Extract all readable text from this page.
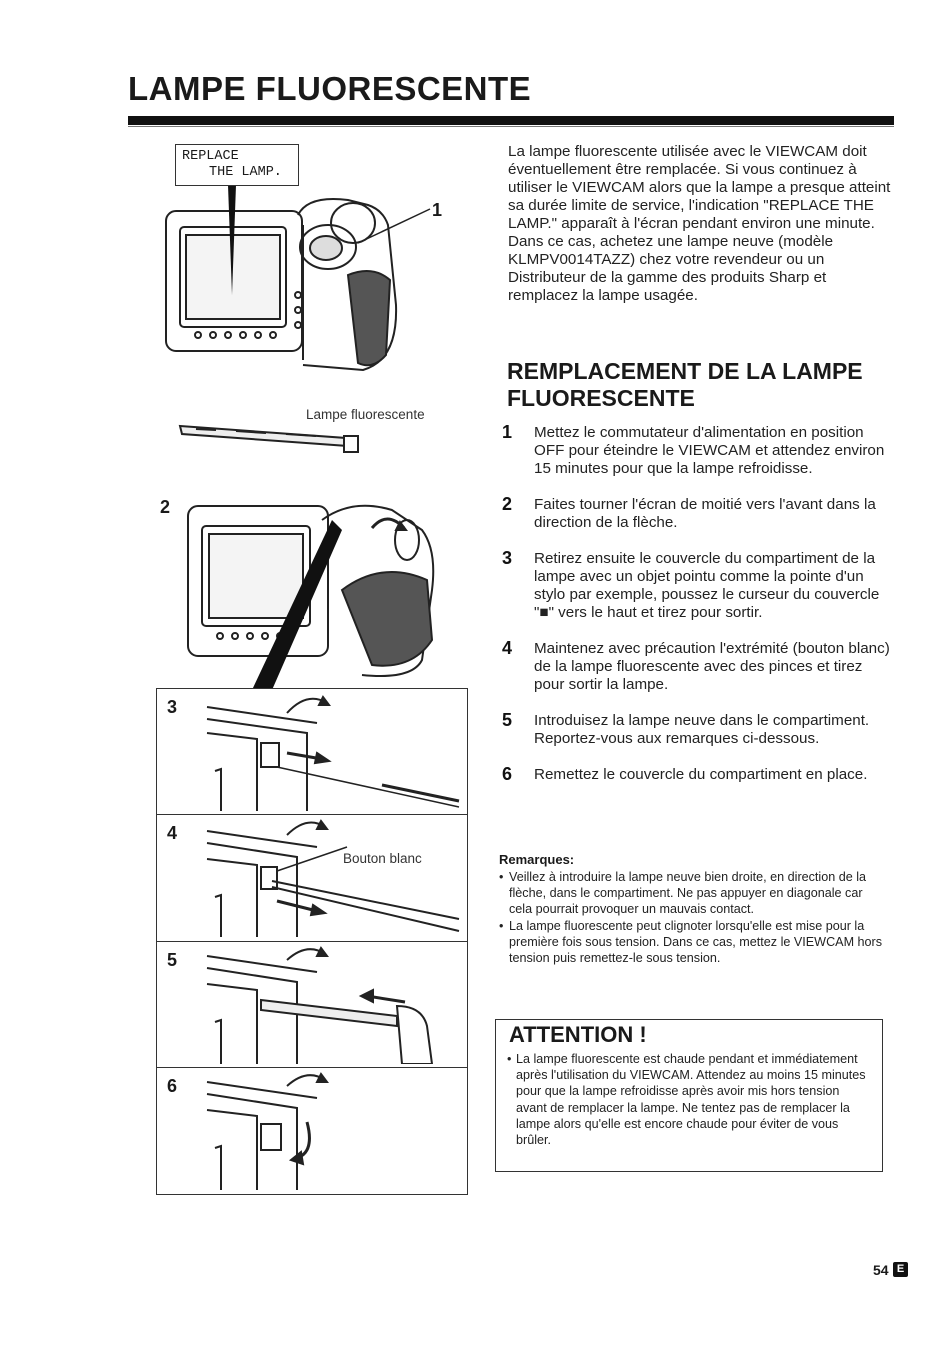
LAMPE FLUORESCENTE

La lampe fluorescente utilisée avec le VIEWCAM doit éventuellement être remplacée. Si vous continuez à utiliser le VIEWCAM alors que la lampe a presque atteint sa durée limite de service, l'indication "REPLACE THE LAMP." apparaît à l'écran pendant environ une minute. Dans ce cas, achetez une lampe neuve (modèle KLMPV0014TAZZ) chez votre revendeur ou un Distributeur de la gamme des produits Sharp et remplacez la lampe usagée.

REMPLACEMENT DE LA LAMPE FLUORESCENTE
1 Mettez le commutateur d'alimentation en position OFF pour éteindre le VIEWCAM et attendez environ 15 minutes pour que la lampe refroidisse.
2 Faites tourner l'écran de moitié vers l'avant dans la direction de la flèche.
3 Retirez ensuite le couvercle du compartiment de la lampe avec un objet pointu comme la pointe d'un stylo par exemple, poussez le curseur du couvercle "■" vers le haut et tirez pour sortir.
4 Maintenez avec précaution l'extrémité (bouton blanc) de la lampe fluorescente avec des pinces et tirez pour sortir la lampe.
5 Introduisez la lampe neuve dans le compartiment. Reportez-vous aux remarques ci-dessous.
6 Remettez le couvercle du compartiment en place.

Remarques:

• Veillez à introduire la lampe neuve bien droite, en direction de la flèche, dans le compartiment. Ne pas appuyer en diagonale car cela pourrait provoquer un mauvais contact.
• La lampe fluorescente peut clignoter lorsqu'elle est mise pour la première fois sous tension. Dans ce cas, mettez le VIEWCAM hors tension puis remettez-le sous tension.
ATTENTION !
• La lampe fluorescente est chaude pendant et immédiatement après l'utilisation du VIEWCAM. Attendez au moins 15 minutes pour que la lampe refroidisse après avoir mis hors tension avant de remplacer la lampe. Ne tentez pas de remplacer la lampe alors qu'elle est encore chaude pour éviter de vous brûler.
54 E
REPLACE
THE LAMP.
1
Lampe fluorescente
2
3
4
Bouton blanc
5
6
